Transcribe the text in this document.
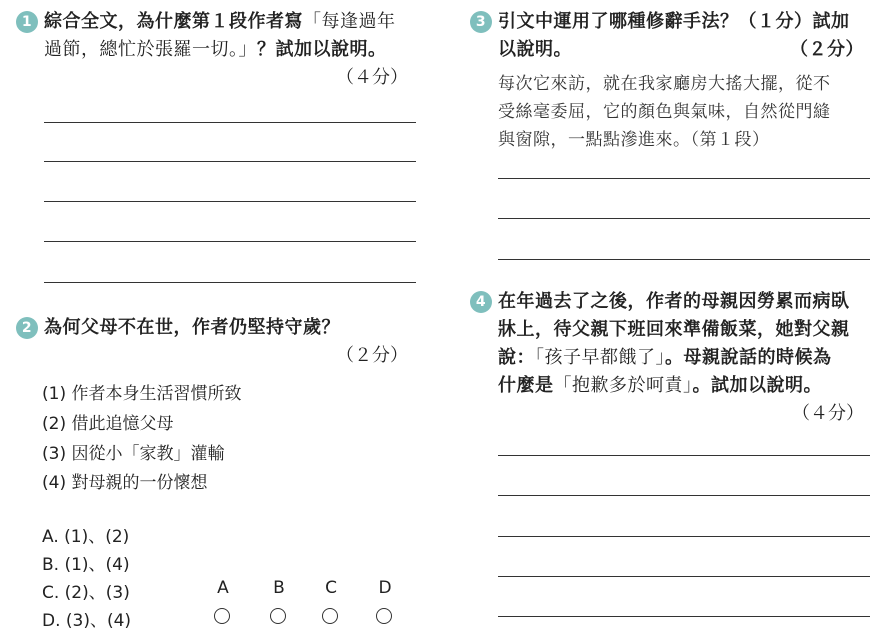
1 綜合全文，為什麼第１段作者寫「每逢過年
過節，總忙於張羅一切。」？試加以說明。
（４分）
2 為何父母不在世，作者仍堅持守歲？
（２分）
(1) 作者本身生活習慣所致
(2) 借此追憶父母
(3) 因從小「家教」灌輸
(4) 對母親的一份懷想
A. (1)、(2)
B. (1)、(4)
C. (2)、(3)
D. (3)、(4)
A	B	C	D
3 引文中運用了哪種修辭手法？（１分）試加
以說明。	（２分）
每次它來訪，就在我家廳房大搖大擺，從不
受絲毫委屈，它的顏色與氣味，自然從門縫
與窗隙，一點點滲進來。（第１段）
4 在年過去了之後，作者的母親因勞累而病臥
牀上，待父親下班回來準備飯菜，她對父親
說：「孩子早都餓了」。母親說話的時候為
什麼是「抱歉多於呵責」。試加以說明。
（４分）
